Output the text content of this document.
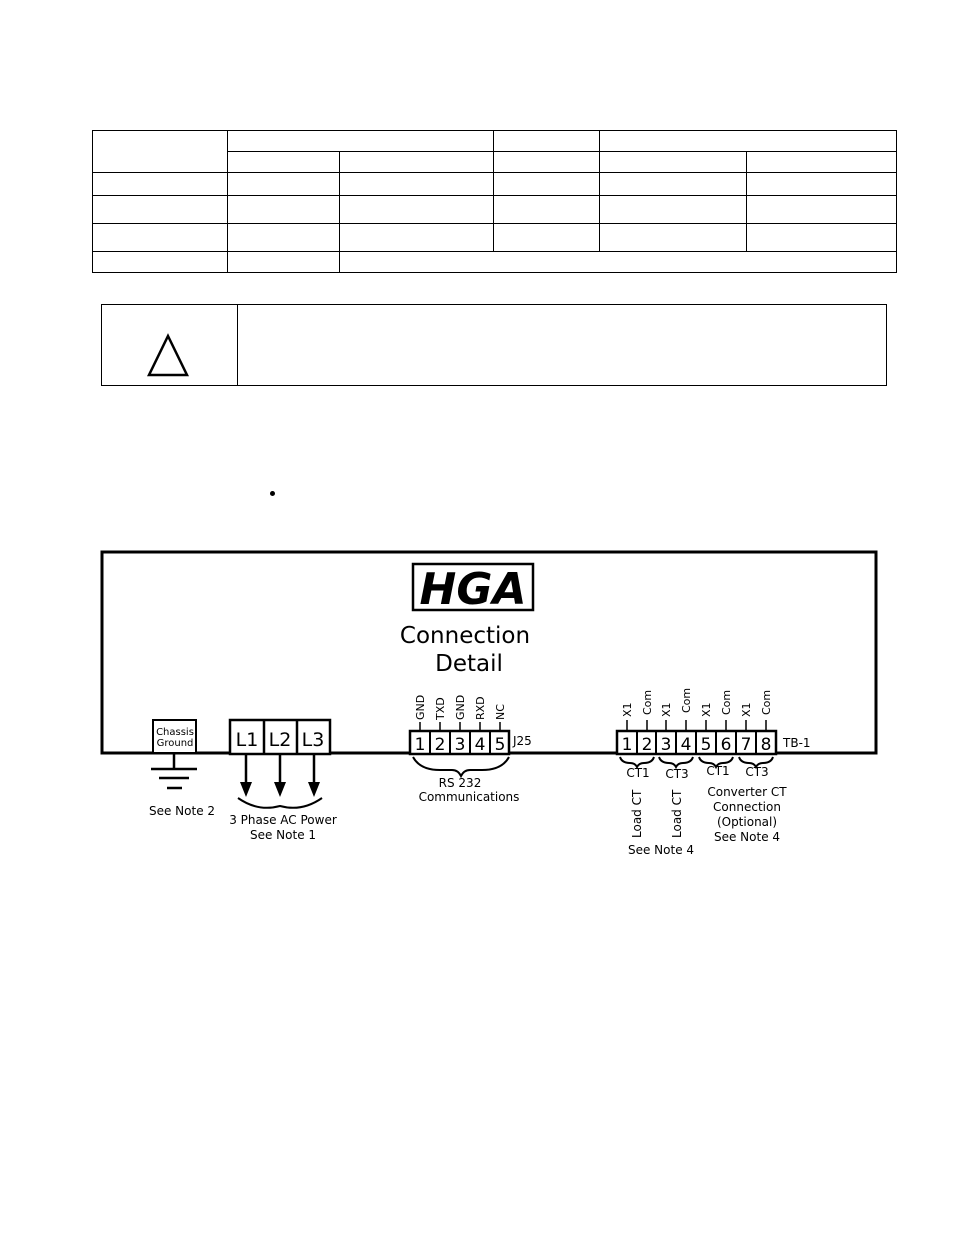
HGA
Connection
Detail
Chassis
Ground
See Note 2
L1 L2 L3
3 Phase AC Power
See Note 1
1 2 3 4 5
GND TXD GND RXD NC
J25
RS 232
Communications
1 2 3 4 5 6 7 8
X1 Com X1 Com X1 Com X1 Com
TB-1
CT1 CT3 CT1 CT3
Load CT Load CT
See Note 4
Converter CT
Connection
(Optional)
See Note 4
